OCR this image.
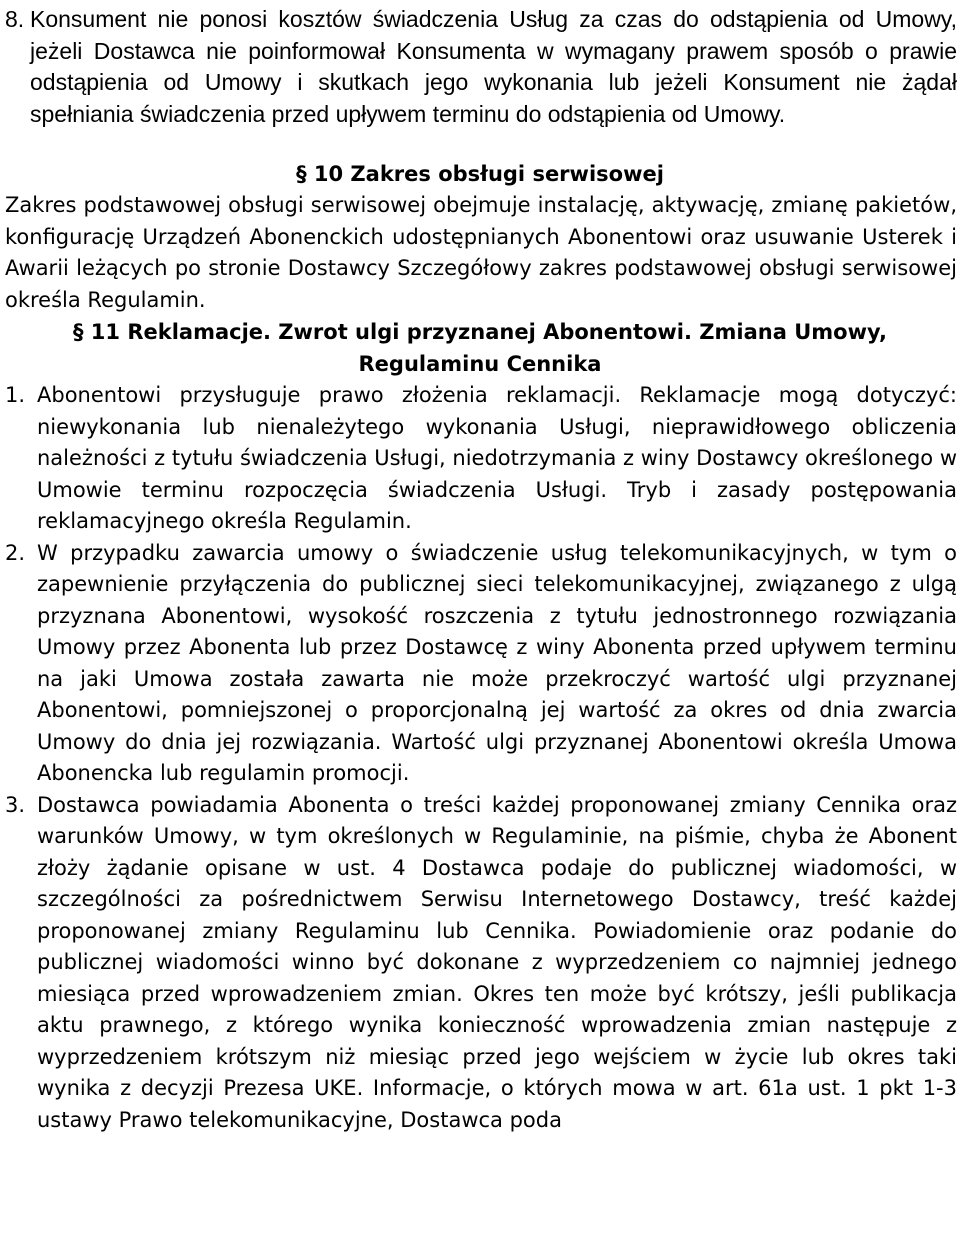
8. Konsument nie ponosi kosztów świadczenia Usług za czas do odstąpienia od Umowy, jeżeli Dostawca nie poinformował Konsumenta w wymagany prawem sposób o prawie odstąpienia od Umowy i skutkach jego wykonania lub jeżeli Konsument nie żądał spełniania świadczenia przed upływem terminu do odstąpienia od Umowy.
§ 10 Zakres obsługi serwisowej
Zakres podstawowej obsługi serwisowej obejmuje instalację, aktywację, zmianę pakietów, konfigurację Urządzeń Abonenckich udostępnianych Abonentowi oraz usuwanie Usterek i Awarii leżących po stronie Dostawcy Szczegółowy zakres podstawowej obsługi serwisowej określa Regulamin.
§ 11 Reklamacje. Zwrot ulgi przyznanej Abonentowi. Zmiana Umowy, Regulaminu Cennika
1. Abonentowi przysługuje prawo złożenia reklamacji. Reklamacje mogą dotyczyć: niewykonania lub nienależytego wykonania Usługi, nieprawidłowego obliczenia należności z tytułu świadczenia Usługi, niedotrzymania z winy Dostawcy określonego w Umowie terminu rozpoczęcia świadczenia Usługi. Tryb i zasady postępowania reklamacyjnego określa Regulamin.
2. W przypadku zawarcia umowy o świadczenie usług telekomunikacyjnych, w tym o zapewnienie przyłączenia do publicznej sieci telekomunikacyjnej, związanego z ulgą przyznana Abonentowi, wysokość roszczenia z tytułu jednostronnego rozwiązania Umowy przez Abonenta lub przez Dostawcę z winy Abonenta przed upływem terminu na jaki Umowa została zawarta nie może przekroczyć wartość ulgi przyznanej Abonentowi, pomniejszonej o proporcjonalną jej wartość za okres od dnia zwarcia Umowy do dnia jej rozwiązania. Wartość ulgi przyznanej Abonentowi określa Umowa Abonencka lub regulamin promocji.
3. Dostawca powiadamia Abonenta o treści każdej proponowanej zmiany Cennika oraz warunków Umowy, w tym określonych w Regulaminie, na piśmie, chyba że Abonent złoży żądanie opisane w ust. 4 Dostawca podaje do publicznej wiadomości, w szczególności za pośrednictwem Serwisu Internetowego Dostawcy, treść każdej proponowanej zmiany Regulaminu lub Cennika. Powiadomienie oraz podanie do publicznej wiadomości winno być dokonane z wyprzedzeniem co najmniej jednego miesiąca przed wprowadzeniem zmian. Okres ten może być krótszy, jeśli publikacja aktu prawnego, z którego wynika konieczność wprowadzenia zmian następuje z wyprzedzeniem krótszym niż miesiąc przed jego wejściem w życie lub okres taki wynika z decyzji Prezesa UKE. Informacje, o których mowa w art. 61a ust. 1 pkt 1-3 ustawy Prawo telekomunikacyjne, Dostawca poda
